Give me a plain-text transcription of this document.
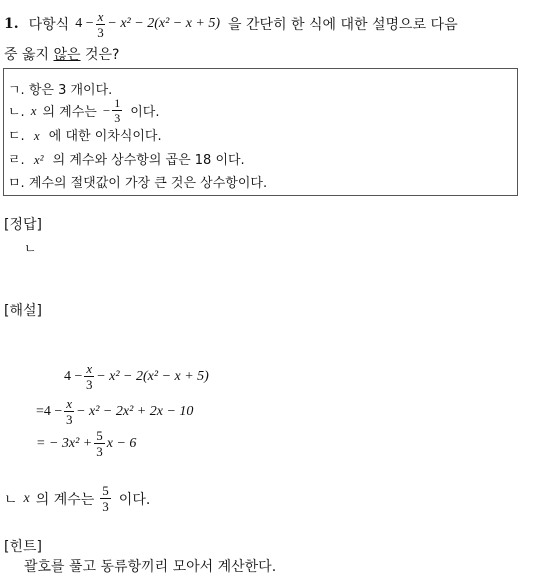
1. 다항식 $4 - \frac{x}{3} - x^2 - 2(x^2 - x + 5)$ 을 간단히 한 식에 대한 설명으로 다음
중 옳지 않은 것은?
ㄱ. 항은 3 개이다.
ㄴ. x 의 계수는 − $\frac{1}{3}$ 이다.
ㄷ. x 에 대한 이차식이다.
ㄹ. x² 의 계수와 상수항의 곱은 18 이다.
ㅁ. 계수의 절댓값이 가장 큰 것은 상수항이다.
[정답]
ㄴ
[해설]
$4 - \frac{x}{3} - x^2 - 2(x^2 - x + 5)$
$=4 - \frac{x}{3} - x^2 - 2x^2 + 2x - 10$
= − $3x^2 + \frac{5}{3}$ x − 6
ㄴ x 의 계수는 $\frac{5}{3}$ 이다.
[힌트]
괄호를 풀고 동류항끼리 모아서 계산한다.
